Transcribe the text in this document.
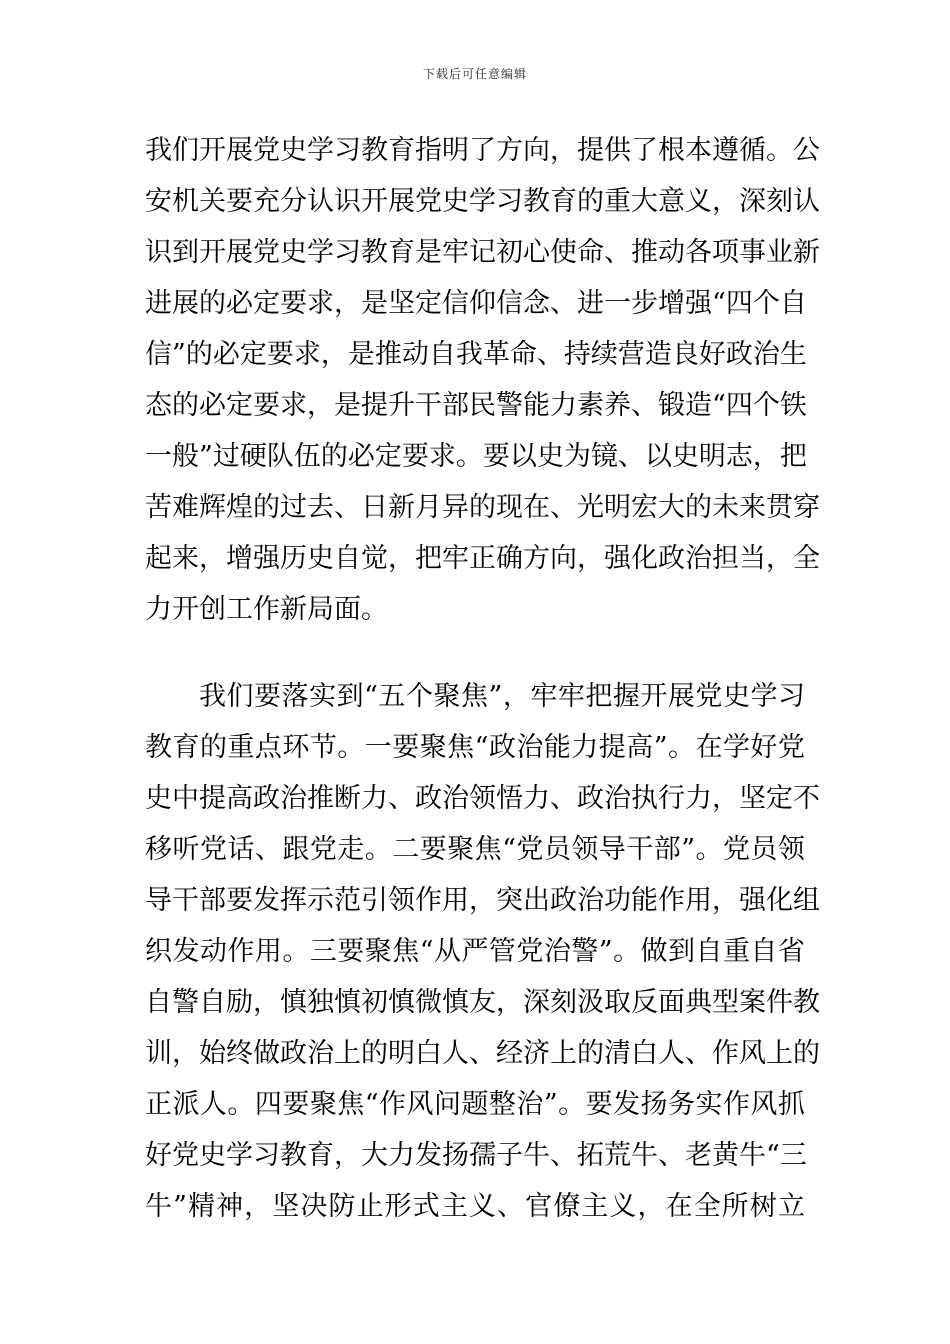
下载后可任意编辑
我 们 开 展 党 史 学 习 教 育 指 明 了 方 向 ， 提 供 了 根 本 遵 循 。 公
安 机 关 要 充 分 认 识 开 展 党 史 学 习 教 育 的 重 大 意 义 ， 深 刻 认
识 到 开 展 党 史 学 习 教 育 是 牢 记 初 心 使 命 、 推 动 各 项 事 业 新
进 展 的 必 定 要 求 ， 是 坚 定 信 仰 信 念 、 进 一 步 增 强 “ 四 个 自
信 ” 的 必 定 要 求 ， 是 推 动 自 我 革 命 、 持 续 营 造 良 好 政 治 生
态 的 必 定 要 求 ， 是 提 升 干 部 民 警 能 力 素 养 、 锻 造 “ 四 个 铁
一 般 ” 过 硬 队 伍 的 必 定 要 求 。 要 以 史 为 镜 、 以 史 明 志 ， 把
苦 难 辉 煌 的 过 去 、 日 新 月 异 的 现 在 、 光 明 宏 大 的 未 来 贯 穿
起 来 ， 增 强 历 史 自 觉 ， 把 牢 正 确 方 向 ， 强 化 政 治 担 当 ， 全
力开创工作新局面。
我 们 要 落 实 到 “ 五 个 聚 焦 ” ， 牢 牢 把 握 开 展 党 史 学 习
教 育 的 重 点 环 节 。 一 要 聚 焦 “ 政 治 能 力 提 高 ” 。 在 学 好 党
史 中 提 高 政 治 推 断 力 、 政 治 领 悟 力 、 政 治 执 行 力 ， 坚 定 不
移 听 党 话 、 跟 党 走 。 二 要 聚 焦 “ 党 员 领 导 干 部 ” 。 党 员 领
导 干 部 要 发 挥 示 范 引 领 作 用 ， 突 出 政 治 功 能 作 用 ， 强 化 组
织 发 动 作 用 。 三 要 聚 焦 “ 从 严 管 党 治 警 ” 。 做 到 自 重 自 省
自 警 自 励 ， 慎 独 慎 初 慎 微 慎 友 ， 深 刻 汲 取 反 面 典 型 案 件 教
训 ， 始 终 做 政 治 上 的 明 白 人 、 经 济 上 的 清 白 人 、 作 风 上 的
正 派 人 。 四 要 聚 焦 “ 作 风 问 题 整 治 ” 。 要 发 扬 务 实 作 风 抓
好 党 史 学 习 教 育 ， 大 力 发 扬 孺 子 牛 、 拓 荒 牛 、 老 黄 牛 “ 三
牛 ” 精 神 ， 坚 决 防 止 形 式 主 义 、 官 僚 主 义 ， 在 全 所 树 立
